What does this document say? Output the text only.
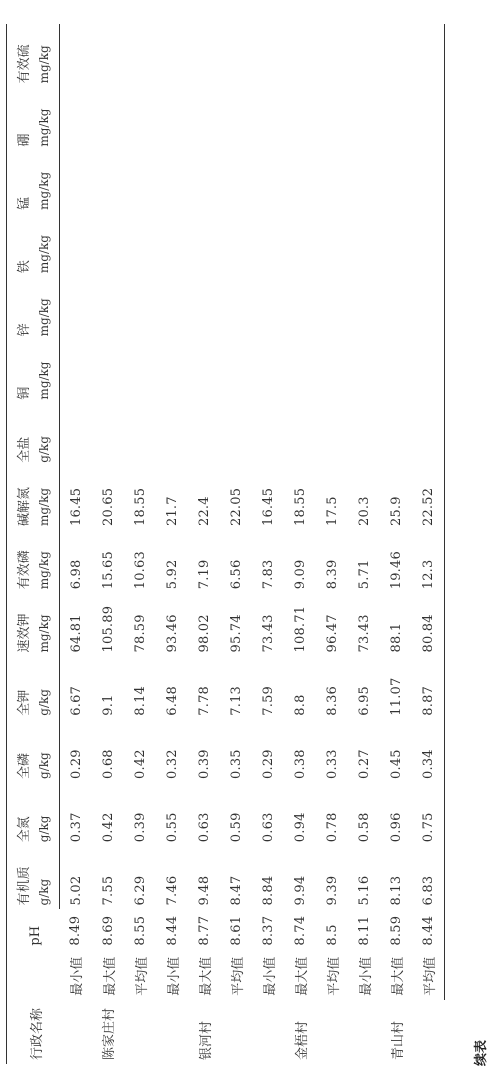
续表
行政名称		pH	有机质	全氮	全磷	全钾	速效钾	有效磷	碱解氮	全盐	铜	锌	铁	锰	硼	有效硫
			g/kg	g/kg	g/kg	g/kg	mg/kg	mg/kg	mg/kg	g/kg	mg/kg	mg/kg	mg/kg	mg/kg	mg/kg	mg/kg
陈家庄村	最小值	8.49	5.02	0.37	0.29	6.67	64.81	6.98	16.45							
	最大值	8.69	7.55	0.42	0.68	9.1	105.89	15.65	20.65							
	平均值	8.55	6.29	0.39	0.42	8.14	78.59	10.63	18.55							
银河村	最小值	8.44	7.46	0.55	0.32	6.48	93.46	5.92	21.7							
	最大值	8.77	9.48	0.63	0.39	7.78	98.02	7.19	22.4							
	平均值	8.61	8.47	0.59	0.35	7.13	95.74	6.56	22.05							
金梧村	最小值	8.37	8.84	0.63	0.29	7.59	73.43	7.83	16.45							
	最大值	8.74	9.94	0.94	0.38	8.8	108.71	9.09	18.55							
	平均值	8.5	9.39	0.78	0.33	8.36	96.47	8.39	17.5							
青山村	最小值	8.11	5.16	0.58	0.27	6.95	73.43	5.71	20.3							
	最大值	8.59	8.13	0.96	0.45	11.07	88.1	19.46	25.9							
	平均值	8.44	6.83	0.75	0.34	8.87	80.84	12.3	22.52							
